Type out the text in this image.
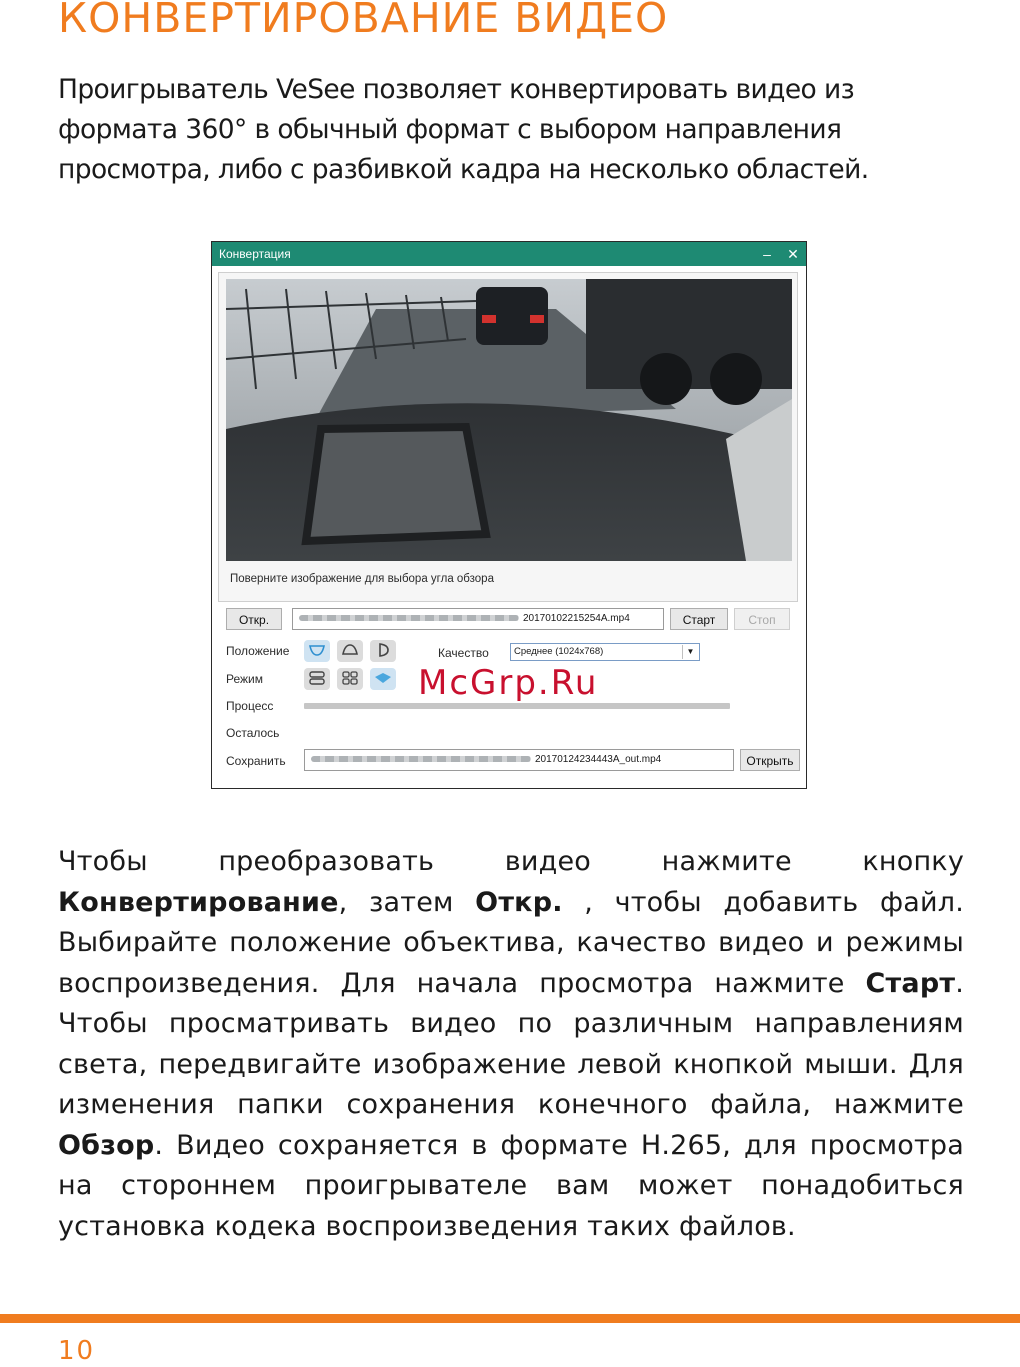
КОНВЕРТИРОВАНИЕ ВИДЕО

Проигрыватель VeSee позволяет конвертировать видео из формата 360° в обычный формат с выбором направления просмотра, либо с разбивкой кадра на несколько областей.

Конвертация	–	✕
Поверните изображение для выбора угла обзора
Откр.	20170102215254A.mp4	Старт	Стоп
Положение	Качество	Среднее (1024x768)	▼
Режим
Процесс
Осталось
Сохранить	20170124234443A_out.mp4	Открыть
McGrp.Ru

Чтобы преобразовать видео нажмите кнопку Конвертирование, затем Откр. , чтобы добавить файл. Выбирайте положение объектива, качество видео и режимы воспроизведения. Для начала просмотра нажмите Старт. Чтобы просматривать видео по различным направлениям света, передвигайте изображение левой кнопкой мыши. Для изменения папки сохранения конечного файла, нажмите Обзор. Видео сохраняется в формате Н.265, для просмотра на стороннем проигрывателе вам может понадобиться установка кодека воспроизведения таких файлов.

10
